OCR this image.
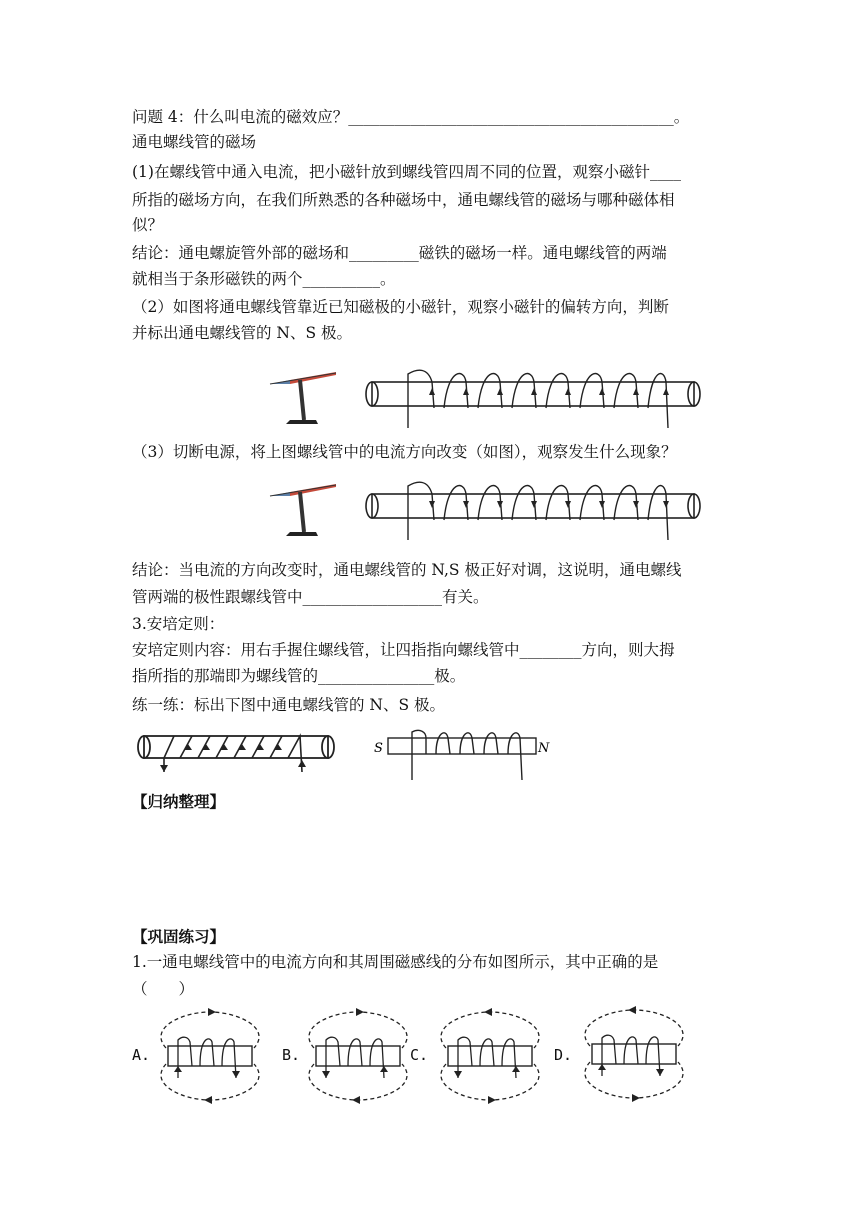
问题 4：什么叫电流的磁效应？__________________________________________。
通电螺线管的磁场
(1)在螺线管中通入电流，把小磁针放到螺线管四周不同的位置，观察小磁针____
所指的磁场方向，在我们所熟悉的各种磁场中，通电螺线管的磁场与哪种磁体相
似？
结论：通电螺旋管外部的磁场和_________磁铁的磁场一样。通电螺线管的两端
就相当于条形磁铁的两个__________。
（2）如图将通电螺线管靠近已知磁极的小磁针，观察小磁针的偏转方向，判断
并标出通电螺线管的 N、S 极。
（3）切断电源，将上图螺线管中的电流方向改变（如图），观察发生什么现象？
结论：当电流的方向改变时，通电螺线管的 N,S 极正好对调，这说明，通电螺线
管两端的极性跟螺线管中__________________有关。
3.安培定则：
安培定则内容：用右手握住螺线管，让四指指向螺线管中________方向，则大拇
指所指的那端即为螺线管的_______________极。
练一练：标出下图中通电螺线管的 N、S 极。
S	N
【归纳整理】
【巩固练习】
1.一通电螺线管中的电流方向和其周围磁感线的分布如图所示，其中正确的是
（　　）
A.	B.	C.	D.
